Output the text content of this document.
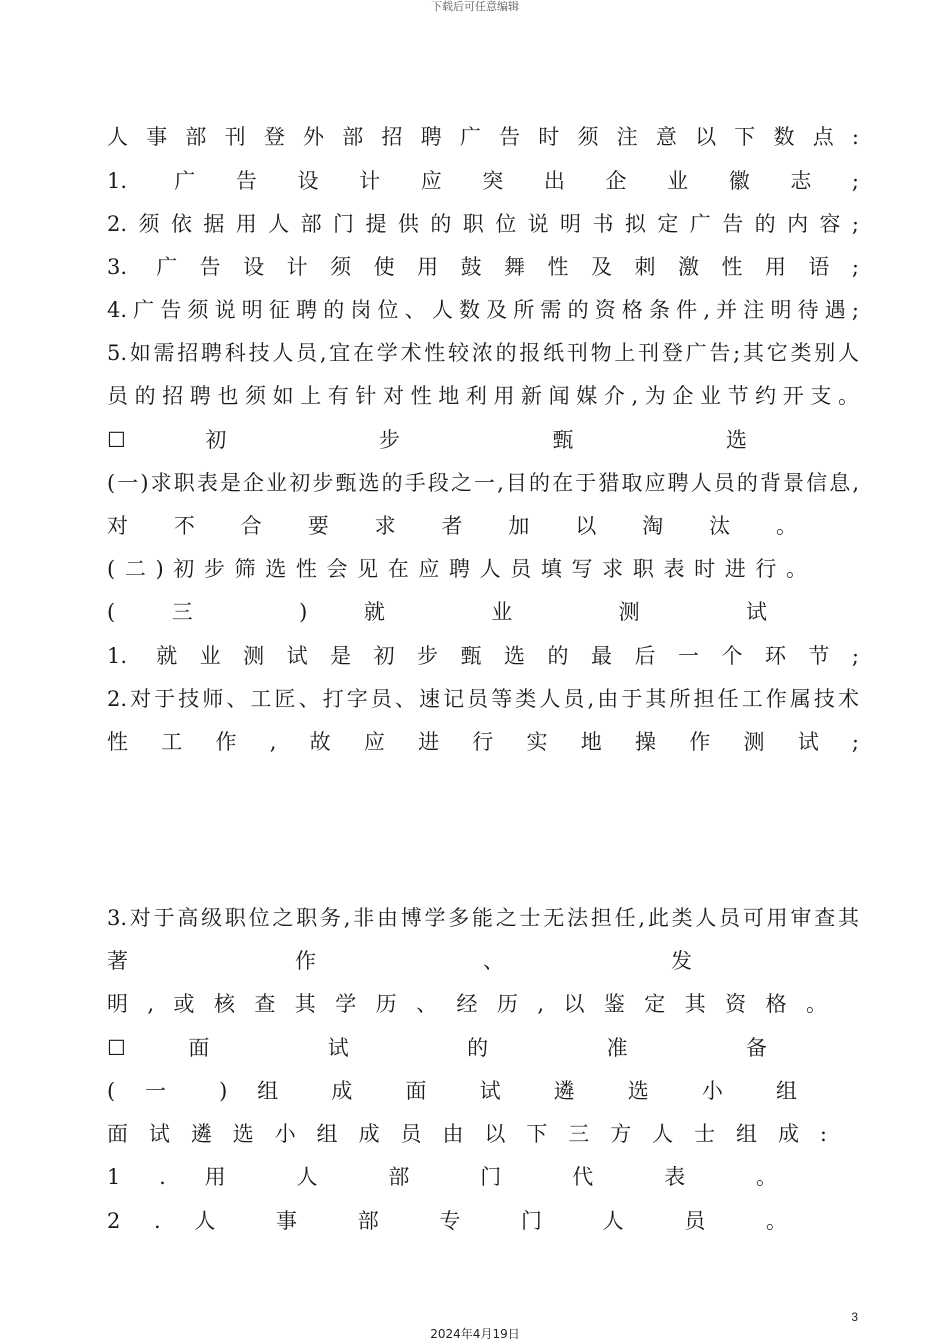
下载后可任意编辑
人事部刊登外部招聘广告时须注意以下数点:
1. 广告设计应突出企业徽志;
2.须依据用人部门提供的职位说明书拟定广告的内容;
3. 广告设计须使用鼓舞性及刺激性用语;
4.广告须说明征聘的岗位、人数及所需的资格条件,并注明待遇;
5.如需招聘科技人员,宜在学术性较浓的报纸刊物上刊登广告;其它类别人
员的招聘也须如上有针对性地利用新闻媒介,为企业节约开支。
☐ 初 步 甄 选
(一)求职表是企业初步甄选的手段之一,目的在于猎取应聘人员的背景信息,
对不合要求者加以淘汰。
(二)初步筛选性会见在应聘人员填写求职表时进行。
( 三 ) 就 业 测 试
1. 就业测试是初步甄选的最后一个环节;
2.对于技师、工匠、打字员、速记员等类人员,由于其所担任工作属技术
性工作,故应进行实地操作测试;
3.对于高级职位之职务,非由博学多能之士无法担任,此类人员可用审查其
著 作 、 发
明,或核查其学历、经历,以鉴定其资格。
☐ 面 试 的 准 备
( 一 ) 组 成 面 试 遴 选 小 组
面试遴选小组成员由以下三方人士组成:
1 . 用 人 部 门 代 表 。
2 . 人 事 部 专 门 人 员 。
3
2024年4月19日
